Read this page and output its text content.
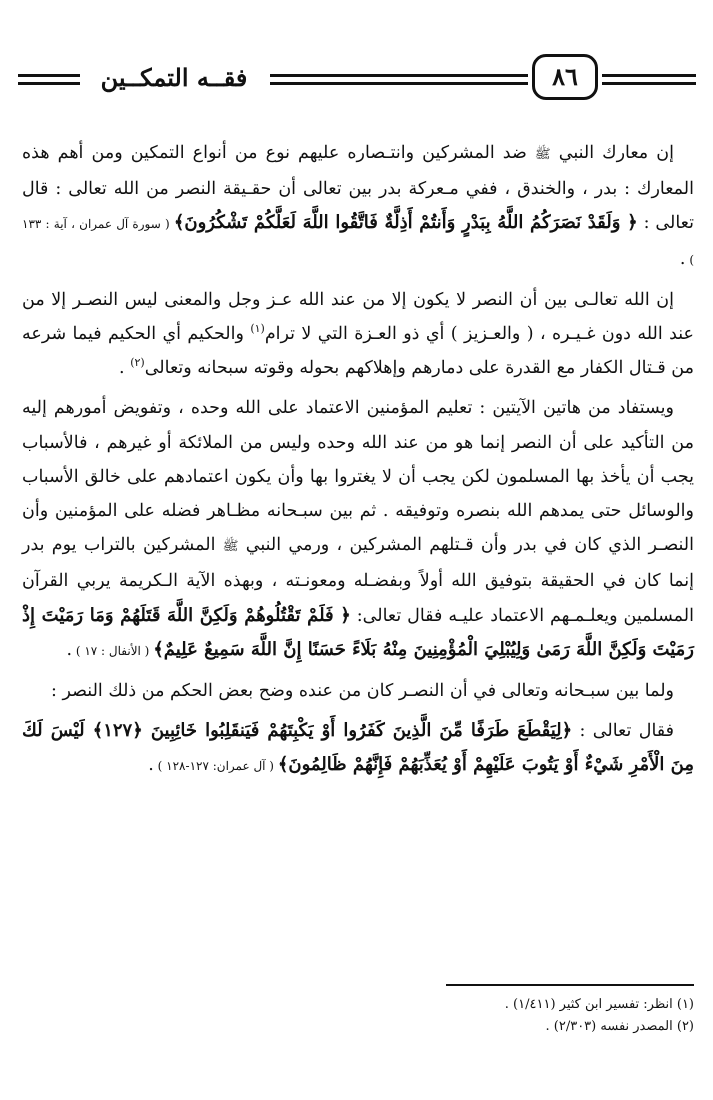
فقــه التمكــين	٨٦

إن معارك النبي ﷺ ضد المشركين وانتـصاره عليهم نوع من أنواع التمكين ومن أهم هذه المعارك : بدر ، والخندق ، ففي مـعركة بدر بين تعالى أن حقـيقة النصر من الله تعالى : قال تعالى : ﴿ وَلَقَدْ نَصَرَكُمُ اللَّهُ بِبَدْرٍ وَأَنتُمْ أَذِلَّةٌ فَاتَّقُوا اللَّهَ لَعَلَّكُمْ تَشْكُرُونَ﴾ ( سورة آل عمران ، آية : ١٣٣ ) .

إن الله تعالـى بين أن النصر لا يكون إلا من عند الله عـز وجل والمعنى ليس النصـر إلا من عند الله دون غـيـره ، ( والعـزيز ) أي ذو العـزة التي لا ترام$^{(١)}$ والحكيم أي الحكيم فيما شرعه من قـتال الكفار مع القدرة على دمارهم وإهلاكهم بحوله وقوته سبحانه وتعالى$^{(٢)}$ .

ويستفاد من هاتين الآيتين : تعليم المؤمنين الاعتماد على الله وحده ، وتفويض أمورهم إليه من التأكيد على أن النصر إنما هو من عند الله وحده وليس من الملائكة أو غيرهم ، فالأسباب يجب أن يأخذ بها المسلمون لكن يجب أن لا يغتروا بها وأن يكون اعتمادهم على خالق الأسباب والوسائل حتى يمدهم الله بنصره وتوفيقه . ثم بين سبـحانه مظـاهر فضله على المؤمنين وأن النصـر الذي كان في بدر وأن قـتلهم المشركين ، ورمي النبي ﷺ المشركين بالتراب يوم بدر إنما كان في الحقيقة بتوفيق الله أولاً وبفضـله ومعونـته ، وبهذه الآية الـكريمة يربي القرآن المسلمين ويعلـمـهم الاعتماد عليـه فقال تعالى: ﴿ فَلَمْ تَقْتُلُوهُمْ وَلَكِنَّ اللَّهَ قَتَلَهُمْ وَمَا رَمَيْتَ إِذْ رَمَيْتَ وَلَكِنَّ اللَّهَ رَمَىٰ وَلِيُبْلِيَ الْمُؤْمِنِينَ مِنْهُ بَلَاءً حَسَنًا إِنَّ اللَّهَ سَمِيعٌ عَلِيمٌ﴾ ( الأنفال : ١٧ ) .

ولما بين سبـحانه وتعالى في أن النصـر كان من عنده وضح بعض الحكم من ذلك النصر :

فقال تعالى : ﴿لِيَقْطَعَ طَرَفًا مِّنَ الَّذِينَ كَفَرُوا أَوْ يَكْبِتَهُمْ فَيَنقَلِبُوا خَائِبِينَ ﴿١٢٧﴾ لَيْسَ لَكَ مِنَ الْأَمْرِ شَيْءٌ أَوْ يَتُوبَ عَلَيْهِمْ أَوْ يُعَذِّبَهُمْ فَإِنَّهُمْ ظَالِمُونَ﴾ ( آل عمران: ١٢٧-١٢٨ ) .

(١) انظر: تفسير ابن كثير (١/٤١١) .

(٢) المصدر نفسه (٢/٣٠٣) .
